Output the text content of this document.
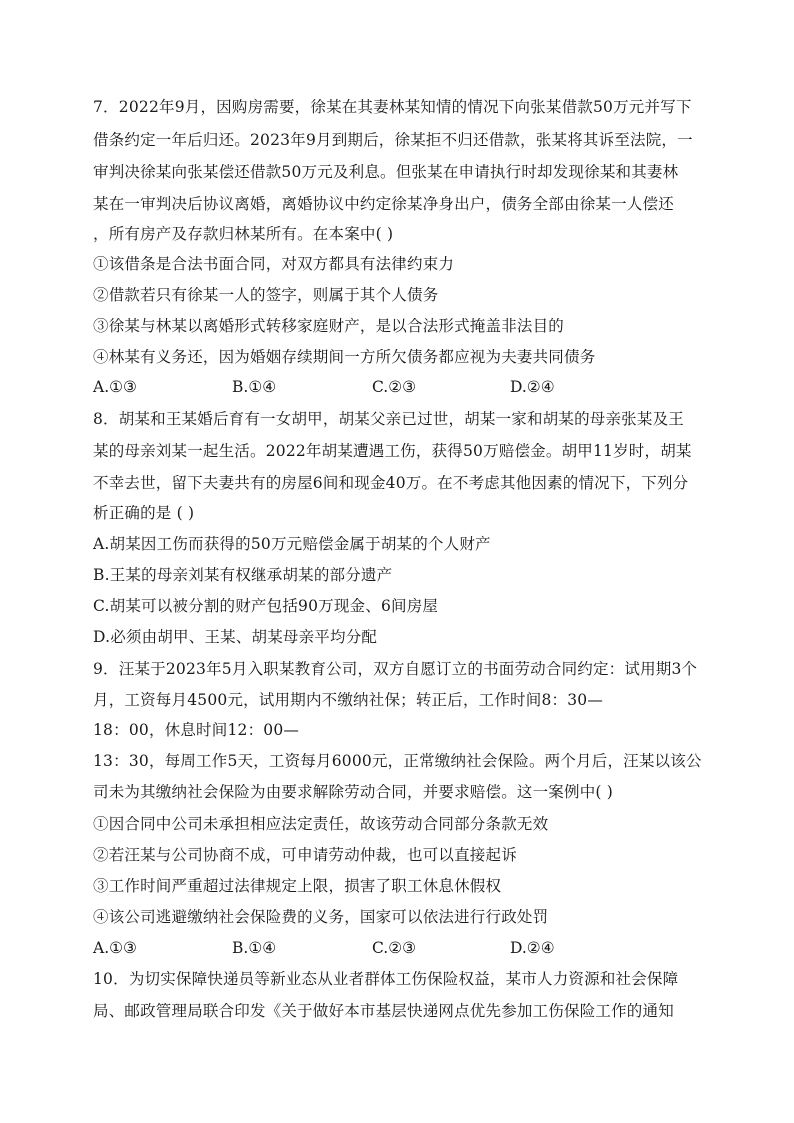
7．2022年9月，因购房需要，徐某在其妻林某知情的情况下向张某借款50万元并写下
借条约定一年后归还。2023年9月到期后，徐某拒不归还借款，张某将其诉至法院，一
审判决徐某向张某偿还借款50万元及利息。但张某在申请执行时却发现徐某和其妻林
某在一审判决后协议离婚，离婚协议中约定徐某净身出户，债务全部由徐某一人偿还
，所有房产及存款归林某所有。在本案中( )
①该借条是合法书面合同，对双方都具有法律约束力
②借款若只有徐某一人的签字，则属于其个人债务
③徐某与林某以离婚形式转移家庭财产，是以合法形式掩盖非法目的
④林某有义务还，因为婚姻存续期间一方所欠债务都应视为夫妻共同债务
A.①③	B.①④	C.②③	D.②④
8．胡某和王某婚后育有一女胡甲，胡某父亲已过世，胡某一家和胡某的母亲张某及王
某的母亲刘某一起生活。2022年胡某遭遇工伤，获得50万赔偿金。胡甲11岁时，胡某
不幸去世，留下夫妻共有的房屋6间和现金40万。在不考虑其他因素的情况下，下列分
析正确的是 ( )
A.胡某因工伤而获得的50万元赔偿金属于胡某的个人财产
B.王某的母亲刘某有权继承胡某的部分遗产
C.胡某可以被分割的财产包括90万现金、6间房屋
D.必须由胡甲、王某、胡某母亲平均分配
9．汪某于2023年5月入职某教育公司，双方自愿订立的书面劳动合同约定：试用期3个
月，工资每月4500元，试用期内不缴纳社保；转正后，工作时间8：30—
18：00，休息时间12：00—
13：30，每周工作5天，工资每月6000元，正常缴纳社会保险。两个月后，汪某以该公
司未为其缴纳社会保险为由要求解除劳动合同，并要求赔偿。这一案例中( )
①因合同中公司未承担相应法定责任，故该劳动合同部分条款无效
②若汪某与公司协商不成，可申请劳动仲裁，也可以直接起诉
③工作时间严重超过法律规定上限，损害了职工休息休假权
④该公司逃避缴纳社会保险费的义务，国家可以依法进行行政处罚
A.①③	B.①④	C.②③	D.②④
10．为切实保障快递员等新业态从业者群体工伤保险权益，某市人力资源和社会保障
局、邮政管理局联合印发《关于做好本市基层快递网点优先参加工伤保险工作的通知
